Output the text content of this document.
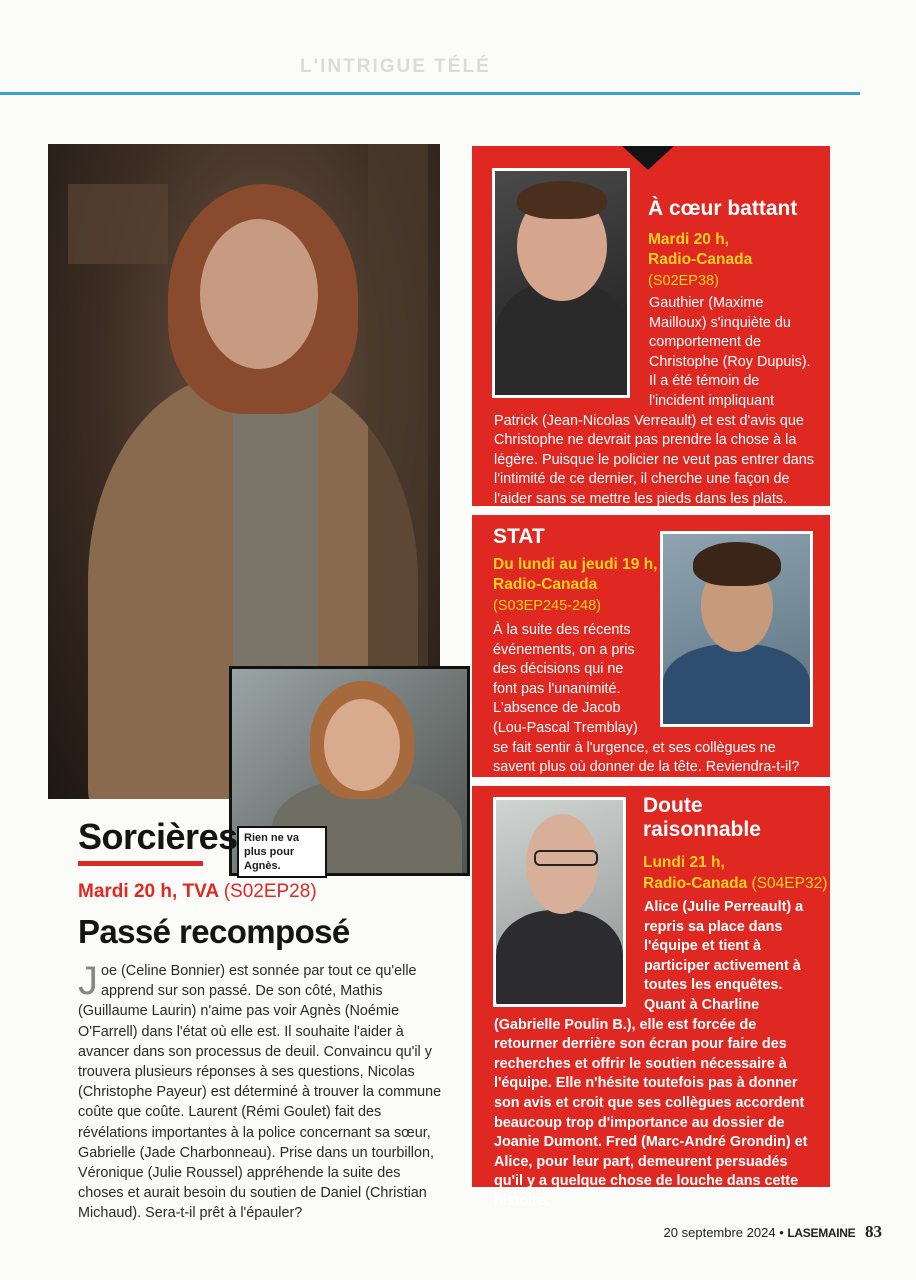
L'INTRIGUE TÉLÉ
Rien ne va plus pour Agnès.
Sorcières
Mardi 20 h, TVA (S02EP28)
Passé recomposé
Joe (Celine Bonnier) est sonnée par tout ce qu'elle apprend sur son passé. De son côté, Mathis (Guillaume Laurin) n'aime pas voir Agnès (Noémie O'Farrell) dans l'état où elle est. Il souhaite l'aider à avancer dans son processus de deuil. Convaincu qu'il y trouvera plusieurs réponses à ses questions, Nicolas (Christophe Payeur) est déterminé à trouver la commune coûte que coûte. Laurent (Rémi Goulet) fait des révélations importantes à la police concernant sa sœur, Gabrielle (Jade Charbonneau). Prise dans un tourbillon, Véronique (Julie Roussel) appréhende la suite des choses et aurait besoin du soutien de Daniel (Christian Michaud). Sera-t-il prêt à l'épauler?
À cœur battant
Mardi 20 h,
Radio-Canada
(S02EP38)
Gauthier (Maxime Mailloux) s'inquiète du comportement de Christophe (Roy Dupuis). Il a été témoin de l'incident impliquant Patrick (Jean-Nicolas Verreault) et est d'avis que Christophe ne devrait pas prendre la chose à la légère. Puisque le policier ne veut pas entrer dans l'intimité de ce dernier, il cherche une façon de l'aider sans se mettre les pieds dans les plats.
STAT
Du lundi au jeudi 19 h,
Radio-Canada
(S03EP245-248)
À la suite des récents événements, on a pris des décisions qui ne font pas l'unanimité. L'absence de Jacob (Lou-Pascal Tremblay) se fait sentir à l'urgence, et ses collègues ne savent plus où donner de la tête. Reviendra-t-il?
Doute raisonnable
Lundi 21 h,
Radio-Canada (S04EP32)
Alice (Julie Perreault) a repris sa place dans l'équipe et tient à participer activement à toutes les enquêtes. Quant à Charline (Gabrielle Poulin B.), elle est forcée de retourner derrière son écran pour faire des recherches et offrir le soutien nécessaire à l'équipe. Elle n'hésite toutefois pas à donner son avis et croit que ses collègues accordent beaucoup trop d'importance au dossier de Joanie Dumont. Fred (Marc-André Grondin) et Alice, pour leur part, demeurent persuadés qu'il y a quelque chose de louche dans cette histoire.
20 septembre 2024 • LASEMAINE 83
